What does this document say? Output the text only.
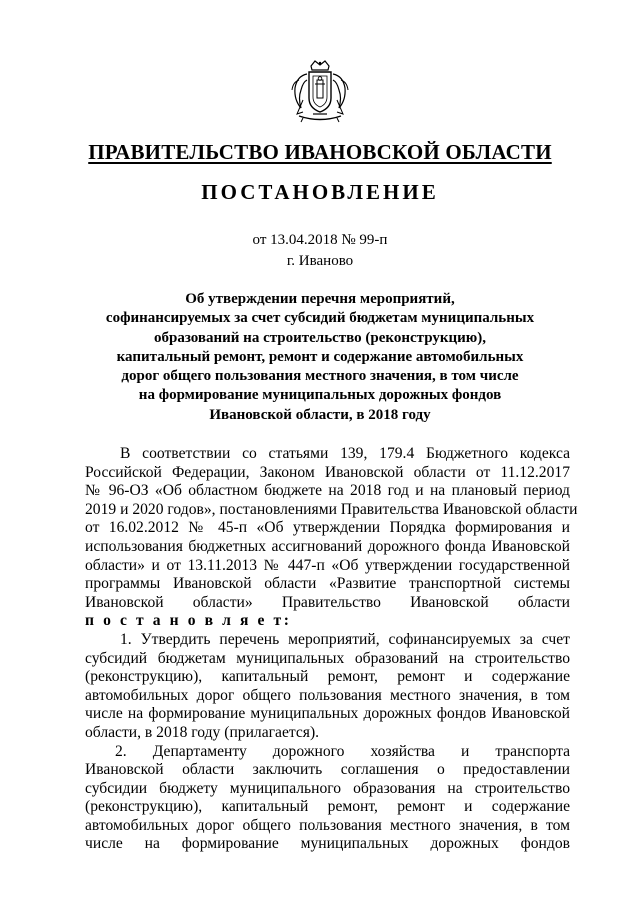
ПРАВИТЕЛЬСТВО ИВАНОВСКОЙ ОБЛАСТИ
ПОСТАНОВЛЕНИЕ
от 13.04.2018 № 99-п
г. Иваново
Об утверждении перечня мероприятий,
софинансируемых за счет субсидий бюджетам муниципальных
образований на строительство (реконструкцию),
капитальный ремонт, ремонт и содержание автомобильных
дорог общего пользования местного значения, в том числе
на формирование муниципальных дорожных фондов
Ивановской области, в 2018 году
В соответствии со статьями 139, 179.4 Бюджетного кодекса
Российской Федерации, Законом Ивановской области от 11.12.2017
№ 96-ОЗ «Об областном бюджете на 2018 год и на плановый период
2019 и 2020 годов», постановлениями Правительства Ивановской области
от 16.02.2012 № 45-п «Об утверждении Порядка формирования и
использования бюджетных ассигнований дорожного фонда Ивановской
области» и от 13.11.2013 № 447-п «Об утверждении государственной
программы Ивановской области «Развитие транспортной системы
Ивановской области» Правительство Ивановской области
п о с т а н о в л я е т:
1. Утвердить перечень мероприятий, софинансируемых за счет
субсидий бюджетам муниципальных образований на строительство
(реконструкцию), капитальный ремонт, ремонт и содержание
автомобильных дорог общего пользования местного значения, в том
числе на формирование муниципальных дорожных фондов Ивановской
области, в 2018 году (прилагается).
2. Департаменту дорожного хозяйства и транспорта
Ивановской области заключить соглашения о предоставлении
субсидии бюджету муниципального образования на строительство
(реконструкцию), капитальный ремонт, ремонт и содержание
автомобильных дорог общего пользования местного значения, в том
числе на формирование муниципальных дорожных фондов
